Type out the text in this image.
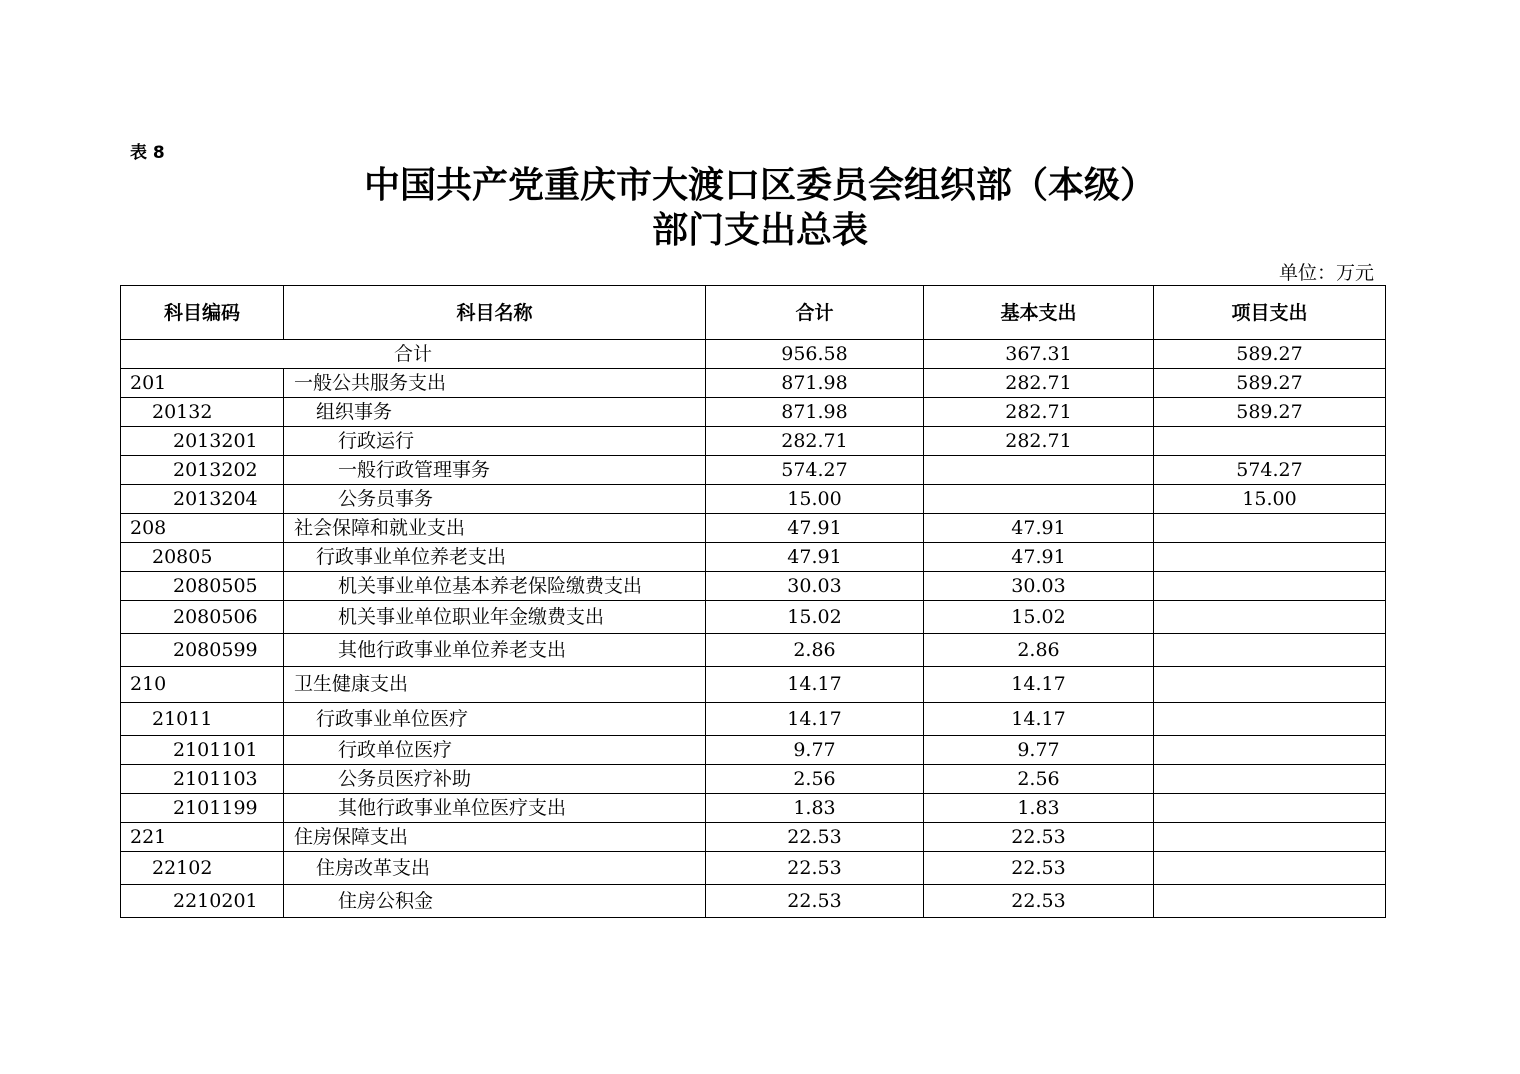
表 8
中国共产党重庆市大渡口区委员会组织部（本级）
部门支出总表
单位：万元
科目编码	科目名称	合计	基本支出	项目支出
合计		956.58	367.31	589.27
201	一般公共服务支出	871.98	282.71	589.27
20132	组织事务	871.98	282.71	589.27
2013201	行政运行	282.71	282.71	
2013202	一般行政管理事务	574.27		574.27
2013204	公务员事务	15.00		15.00
208	社会保障和就业支出	47.91	47.91	
20805	行政事业单位养老支出	47.91	47.91	
2080505	机关事业单位基本养老保险缴费支出	30.03	30.03	
2080506	机关事业单位职业年金缴费支出	15.02	15.02	
2080599	其他行政事业单位养老支出	2.86	2.86	
210	卫生健康支出	14.17	14.17	
21011	行政事业单位医疗	14.17	14.17	
2101101	行政单位医疗	9.77	9.77	
2101103	公务员医疗补助	2.56	2.56	
2101199	其他行政事业单位医疗支出	1.83	1.83	
221	住房保障支出	22.53	22.53	
22102	住房改革支出	22.53	22.53	
2210201	住房公积金	22.53	22.53	
